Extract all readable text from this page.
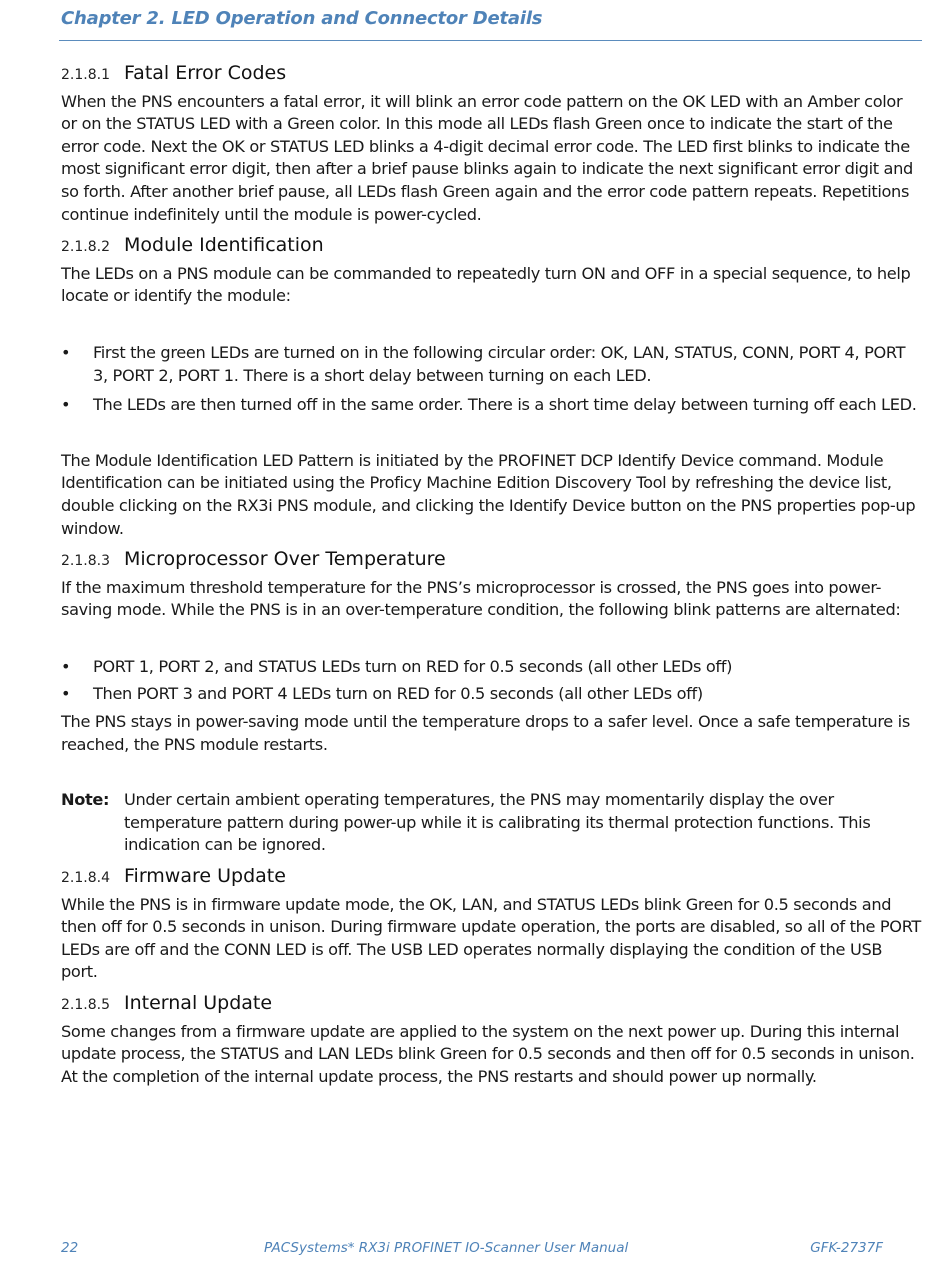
Chapter 2. LED Operation and Connector Details
2.1.8.1 Fatal Error Codes

When the PNS encounters a fatal error, it will blink an error code pattern on the OK LED with an Amber color or on the STATUS LED with a Green color. In this mode all LEDs flash Green once to indicate the start of the error code. Next the OK or STATUS LED blinks a 4-digit decimal error code. The LED first blinks to indicate the most significant error digit, then after a brief pause blinks again to indicate the next significant error digit and so forth. After another brief pause, all LEDs flash Green again and the error code pattern repeats. Repetitions continue indefinitely until the module is power-cycled.

2.1.8.2 Module Identification

The LEDs on a PNS module can be commanded to repeatedly turn ON and OFF in a special sequence, to help locate or identify the module:

• First the green LEDs are turned on in the following circular order: OK, LAN, STATUS, CONN, PORT 4, PORT 3, PORT 2, PORT 1. There is a short delay between turning on each LED.
• The LEDs are then turned off in the same order. There is a short time delay between turning off each LED.

The Module Identification LED Pattern is initiated by the PROFINET DCP Identify Device command. Module Identification can be initiated using the Proficy Machine Edition Discovery Tool by refreshing the device list, double clicking on the RX3i PNS module, and clicking the Identify Device button on the PNS properties pop-up window.

2.1.8.3 Microprocessor Over Temperature

If the maximum threshold temperature for the PNS’s microprocessor is crossed, the PNS goes into power-saving mode. While the PNS is in an over-temperature condition, the following blink patterns are alternated:

• PORT 1, PORT 2, and STATUS LEDs turn on RED for 0.5 seconds (all other LEDs off)
• Then PORT 3 and PORT 4 LEDs turn on RED for 0.5 seconds (all other LEDs off)

The PNS stays in power-saving mode until the temperature drops to a safer level. Once a safe temperature is reached, the PNS module restarts.

Note: Under certain ambient operating temperatures, the PNS may momentarily display the over temperature pattern during power-up while it is calibrating its thermal protection functions. This indication can be ignored.
2.1.8.4 Firmware Update

While the PNS is in firmware update mode, the OK, LAN, and STATUS LEDs blink Green for 0.5 seconds and then off for 0.5 seconds in unison. During firmware update operation, the ports are disabled, so all of the PORT LEDs are off and the CONN LED is off. The USB LED operates normally displaying the condition of the USB port.

2.1.8.5 Internal Update

Some changes from a firmware update are applied to the system on the next power up. During this internal update process, the STATUS and LAN LEDs blink Green for 0.5 seconds and then off for 0.5 seconds in unison. At the completion of the internal update process, the PNS restarts and should power up normally.

22	PACSystems* RX3i PROFINET IO-Scanner User Manual	GFK-2737F
